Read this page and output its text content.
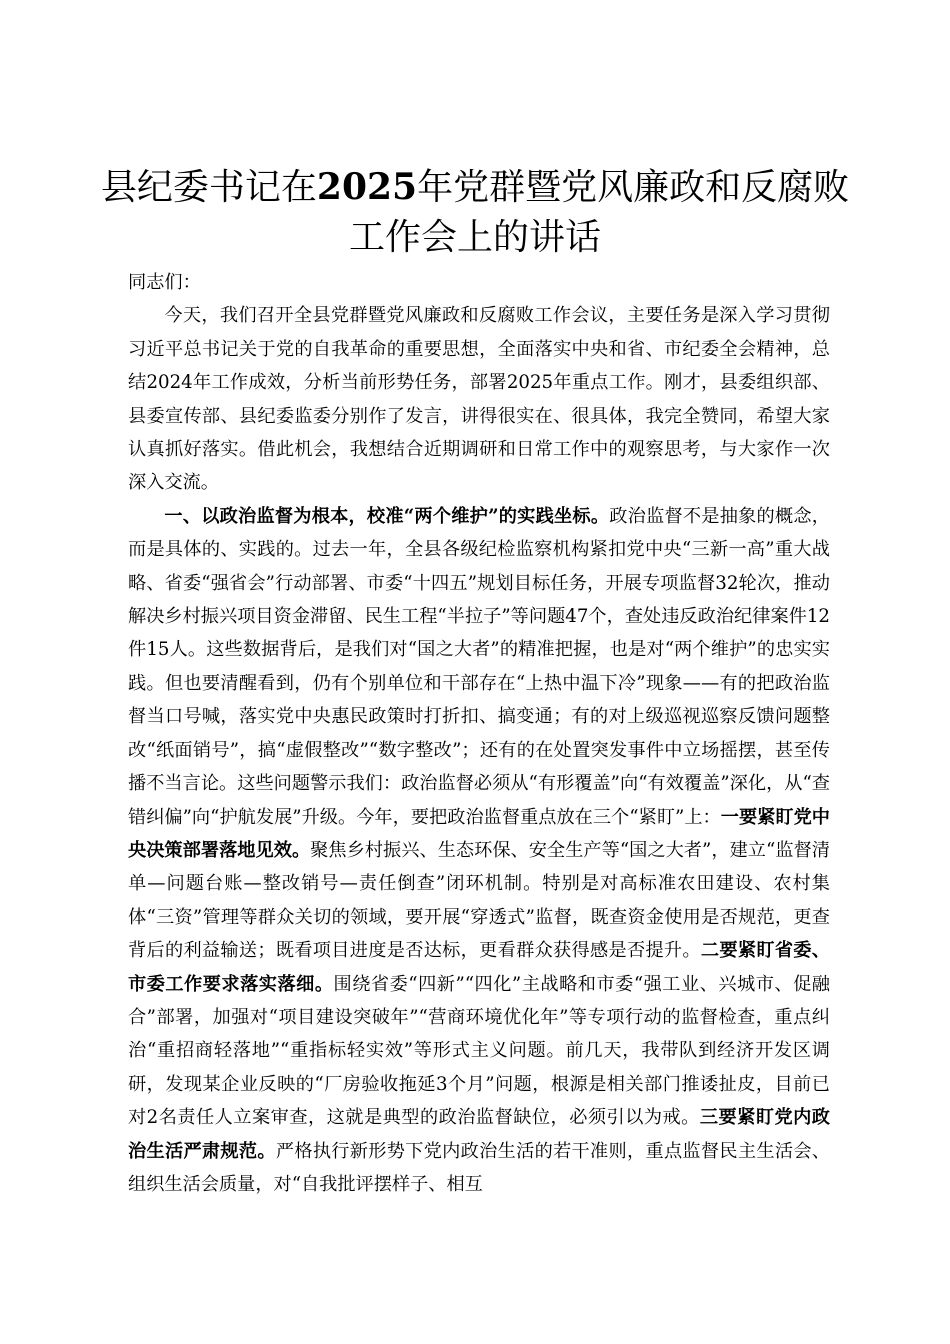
县纪委书记在2025年党群暨党风廉政和反腐败工作会上的讲话

同志们：

今天，我们召开全县党群暨党风廉政和反腐败工作会议，主要任务是深入学习贯彻习近平总书记关于党的自我革命的重要思想，全面落实中央和省、市纪委全会精神，总结2024年工作成效，分析当前形势任务，部署2025年重点工作。刚才，县委组织部、县委宣传部、县纪委监委分别作了发言，讲得很实在、很具体，我完全赞同，希望大家认真抓好落实。借此机会，我想结合近期调研和日常工作中的观察思考，与大家作一次深入交流。

一、以政治监督为根本，校准“两个维护”的实践坐标。政治监督不是抽象的概念，而是具体的、实践的。过去一年，全县各级纪检监察机构紧扣党中央“三新一高”重大战略、省委“强省会”行动部署、市委“十四五”规划目标任务，开展专项监督32轮次，推动解决乡村振兴项目资金滞留、民生工程“半拉子”等问题47个，查处违反政治纪律案件12件15人。这些数据背后，是我们对“国之大者”的精准把握，也是对“两个维护”的忠实实践。但也要清醒看到，仍有个别单位和干部存在“上热中温下冷”现象——有的把政治监督当口号喊，落实党中央惠民政策时打折扣、搞变通；有的对上级巡视巡察反馈问题整改“纸面销号”，搞“虚假整改”“数字整改”；还有的在处置突发事件中立场摇摆，甚至传播不当言论。这些问题警示我们：政治监督必须从“有形覆盖”向“有效覆盖”深化，从“查错纠偏”向“护航发展”升级。今年，要把政治监督重点放在三个“紧盯”上：一要紧盯党中央决策部署落地见效。聚焦乡村振兴、生态环保、安全生产等“国之大者”，建立“监督清单—问题台账—整改销号—责任倒查”闭环机制。特别是对高标准农田建设、农村集体“三资”管理等群众关切的领域，要开展“穿透式”监督，既查资金使用是否规范，更查背后的利益输送；既看项目进度是否达标，更看群众获得感是否提升。二要紧盯省委、市委工作要求落实落细。围绕省委“四新”“四化”主战略和市委“强工业、兴城市、促融合”部署，加强对“项目建设突破年”“营商环境优化年”等专项行动的监督检查，重点纠治“重招商轻落地”“重指标轻实效”等形式主义问题。前几天，我带队到经济开发区调研，发现某企业反映的“厂房验收拖延3个月”问题，根源是相关部门推诿扯皮，目前已对2名责任人立案审查，这就是典型的政治监督缺位，必须引以为戒。三要紧盯党内政治生活严肃规范。严格执行新形势下党内政治生活的若干准则，重点监督民主生活会、组织生活会质量，对“自我批评摆样子、相互
